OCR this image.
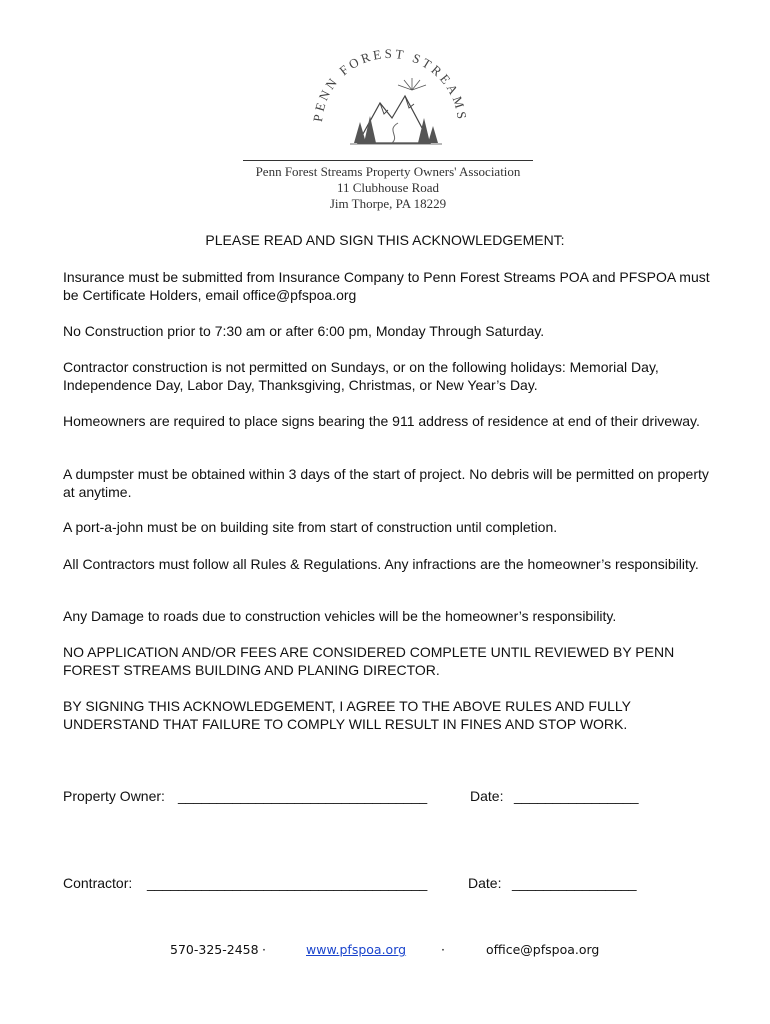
PENN FOREST STREAMS
Penn Forest Streams Property Owners' Association
11 Clubhouse Road
Jim Thorpe, PA 18229
PLEASE READ AND SIGN THIS ACKNOWLEDGEMENT:

Insurance must be submitted from Insurance Company to Penn Forest Streams POA and PFSPOA must be Certificate Holders, email office@pfspoa.org

No Construction prior to 7:30 am or after 6:00 pm, Monday Through Saturday.

Contractor construction is not permitted on Sundays, or on the following holidays: Memorial Day, Independence Day, Labor Day, Thanksgiving, Christmas, or New Year’s Day.

Homeowners are required to place signs bearing the 911 address of residence at end of their driveway.

A dumpster must be obtained within 3 days of the start of project. No debris will be permitted on property at anytime.

A port-a-john must be on building site from start of construction until completion.

All Contractors must follow all Rules & Regulations. Any infractions are the homeowner’s responsibility.

Any Damage to roads due to construction vehicles will be the homeowner’s responsibility.

NO APPLICATION AND/OR FEES ARE CONSIDERED COMPLETE UNTIL REVIEWED BY PENN FOREST STREAMS BUILDING AND PLANING DIRECTOR.

BY SIGNING THIS ACKNOWLEDGEMENT, I AGREE TO THE ABOVE RULES AND FULLY UNDERSTAND THAT FAILURE TO COMPLY WILL RESULT IN FINES AND STOP WORK.

Property Owner: ________________________________	Date: ________________
Contractor: ____________________________________	Date: ________________
570-325-2458 ·	www.pfspoa.org	·	office@pfspoa.org
